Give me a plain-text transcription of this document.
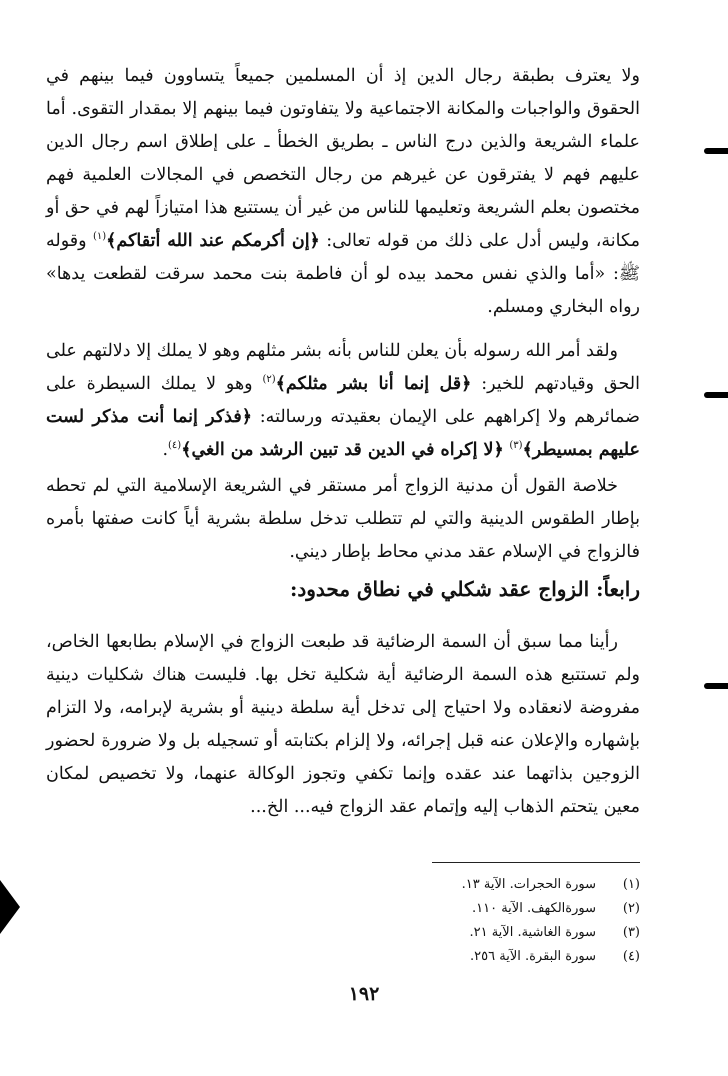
ولا يعترف بطبقة رجال الدين إذ أن المسلمين جميعاً يتساوون فيما بينهم في الحقوق والواجبات والمكانة الاجتماعية ولا يتفاوتون فيما بينهم إلا بمقدار التقوى. أما علماء الشريعة والذين درج الناس ـ بطريق الخطأ ـ على إطلاق اسم رجال الدين عليهم فهم لا يفترقون عن غيرهم من رجال التخصص في المجالات العلمية فهم مختصون بعلم الشريعة وتعليمها للناس من غير أن يستتبع هذا امتيازاً لهم في حق أو مكانة، وليس أدل على ذلك من قوله تعالى: ﴿إن أكرمكم عند الله أتقاكم﴾$^{(١)}$ وقوله ﷺ: «أما والذي نفس محمد بيده لو أن فاطمة بنت محمد سرقت لقطعت يدها» رواه البخاري ومسلم.

ولقد أمر الله رسوله بأن يعلن للناس بأنه بشر مثلهم وهو لا يملك إلا دلالتهم على الحق وقيادتهم للخير: ﴿قل إنما أنا بشر مثلكم﴾$^{(٢)}$ وهو لا يملك السيطرة على ضمائرهم ولا إكراههم على الإيمان بعقيدته ورسالته: ﴿فذكر إنما أنت مذكر لست عليهم بمسيطر﴾$^{(٣)}$ ﴿لا إكراه في الدين قد تبين الرشد من الغي﴾$^{(٤)}$.

خلاصة القول أن مدنية الزواج أمر مستقر في الشريعة الإسلامية التي لم تحطه بإطار الطقوس الدينية والتي لم تتطلب تدخل سلطة بشرية أياً كانت صفتها بأمره فالزواج في الإسلام عقد مدني محاط بإطار ديني.

رابعاً: الزواج عقد شكلي في نطاق محدود:

رأينا مما سبق أن السمة الرضائية قد طبعت الزواج في الإسلام بطابعها الخاص، ولم تستتبع هذه السمة الرضائية أية شكلية تخل بها. فليست هناك شكليات دينية مفروضة لانعقاده ولا احتياج إلى تدخل أية سلطة دينية أو بشرية لإبرامه، ولا التزام بإشهاره والإعلان عنه قبل إجرائه، ولا إلزام بكتابته أو تسجيله بل ولا ضرورة لحضور الزوجين بذاتهما عند عقده وإنما تكفي وتجوز الوكالة عنهما، ولا تخصيص لمكان معين يتحتم الذهاب إليه وإتمام عقد الزواج فيه... الخ...

(١)
سورة الحجرات. الآية ١٣.
(٢)
سورةالكهف. الآية ١١٠.
(٣)
سورة الغاشية. الآية ٢١.
(٤)
سورة البقرة. الآية ٢٥٦.
١٩٢
